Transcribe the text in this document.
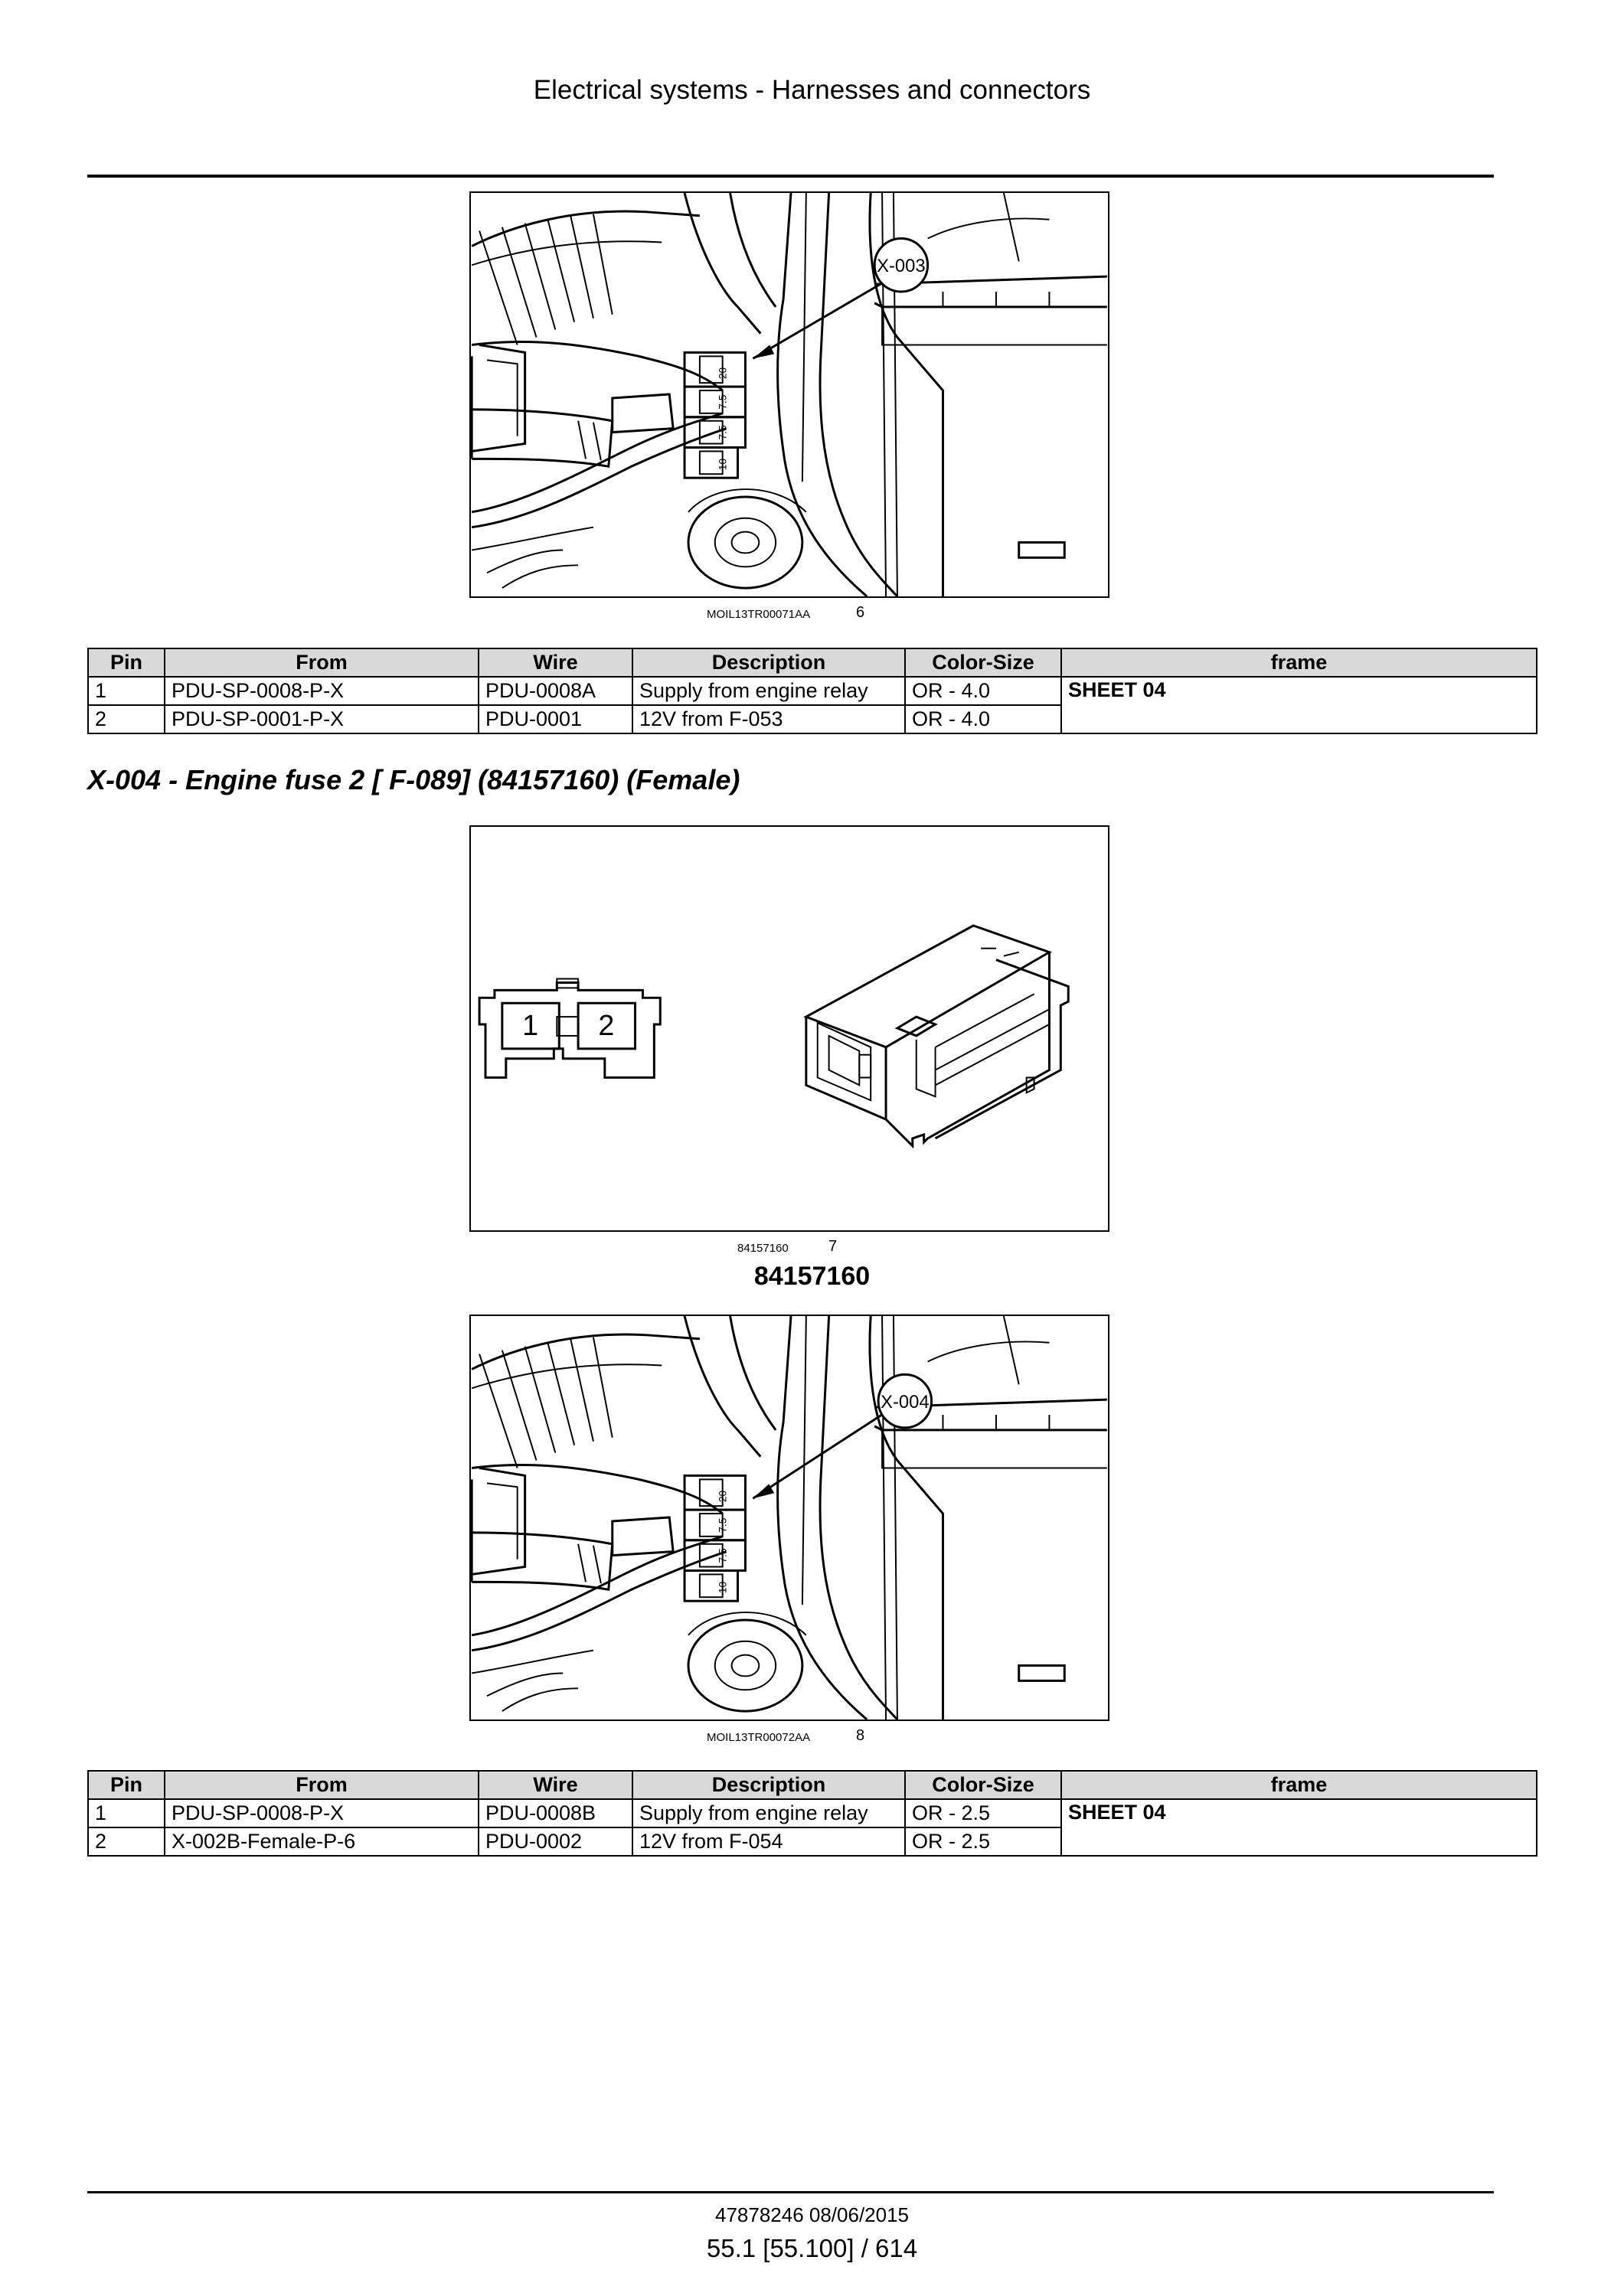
Electrical systems - Harnesses and connectors
20
7.5
7.5
10
X-003
MOIL13TR00071AA	6
Pin	From	Wire	Description	Color-Size	frame
1	PDU-SP-0008-P-X	PDU-0008A	Supply from engine relay	OR - 4.0	SHEET 04
2	PDU-SP-0001-P-X	PDU-0001	12V from F-053	OR - 4.0	
X-004 - Engine fuse 2 [ F-089] (84157160) (Female)
1 2
84157160	7
84157160
20
7.5
7.5
10
X-004
MOIL13TR00072AA	8
Pin	From	Wire	Description	Color-Size	frame
1	PDU-SP-0008-P-X	PDU-0008B	Supply from engine relay	OR - 2.5	SHEET 04
2	X-002B-Female-P-6	PDU-0002	12V from F-054	OR - 2.5	
47878246 08/06/2015
55.1 [55.100] / 614
